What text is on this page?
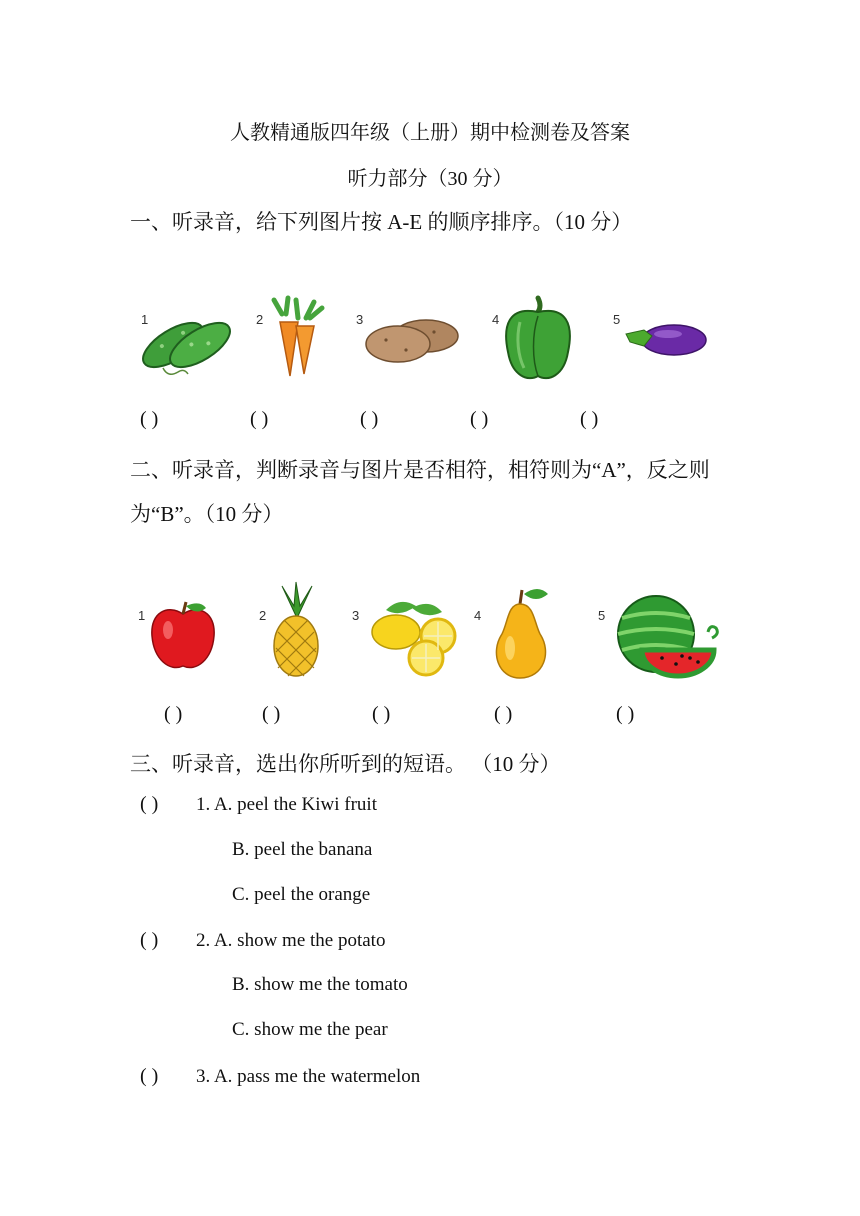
人教精通版四年级（上册）期中检测卷及答案
听力部分（30 分）
一、听录音，给下列图片按 A-E 的顺序排序。（10 分）
1	2	3	4	5
( )	( )	( )	( )	( )
二、听录音，判断录音与图片是否相符，相符则为“A”，反之则
为“B”。（10 分）
1	2	3	4	5
( )	( )	( )	( )	( )
三、听录音，选出你所听到的短语。 （10 分）
( ) 1. A. peel the Kiwi fruit
B. peel the banana
C. peel the orange
( ) 2. A. show me the potato
B. show me the tomato
C. show me the pear
( ) 3. A. pass me the watermelon
